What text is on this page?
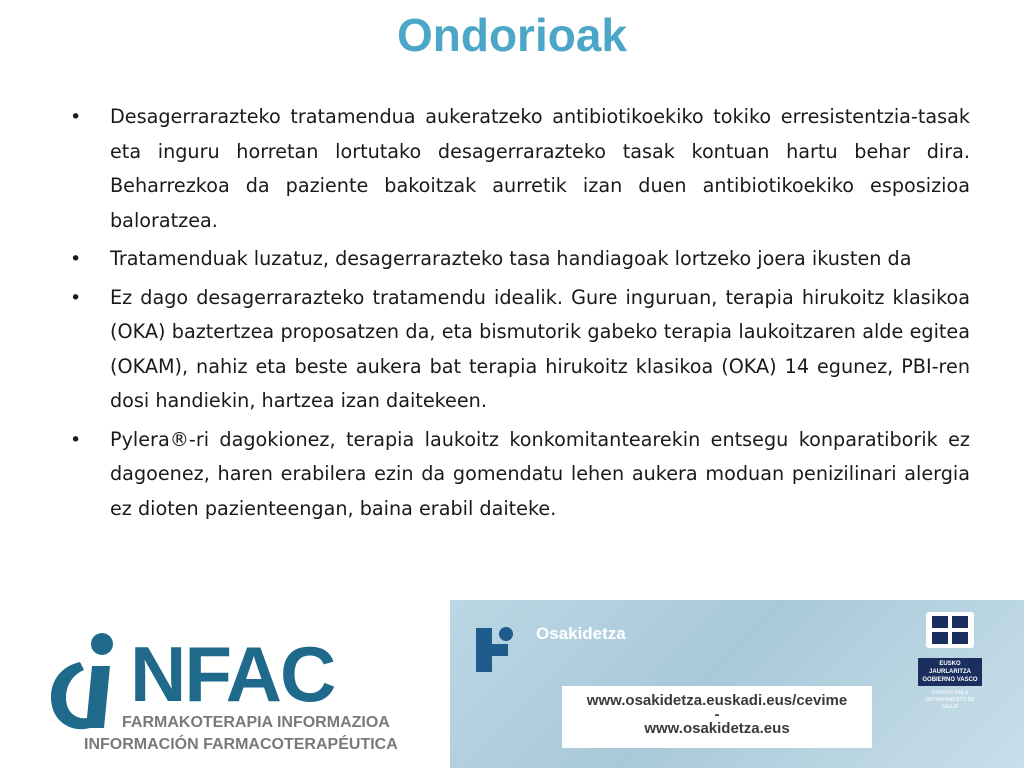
Ondorioak
• Desagerrarazteko tratamendua aukeratzeko antibiotikoekiko tokiko erresistentzia-tasak eta inguru horretan lortutako desagerrarazteko tasak kontuan hartu behar dira. Beharrezkoa da paziente bakoitzak aurretik izan duen antibiotikoekiko esposizioa baloratzea.
• Tratamenduak luzatuz, desagerrarazteko tasa handiagoak lortzeko joera ikusten da
• Ez dago desagerrarazteko tratamendu idealik. Gure inguruan, terapia hirukoitz klasikoa (OKA) baztertzea proposatzen da, eta bismutorik gabeko terapia laukoitzaren alde egitea (OKAM), nahiz eta beste aukera bat terapia hirukoitz klasikoa (OKA) 14 egunez, PBI-ren dosi handiekin, hartzea izan daitekeen.
• Pylera®-ri dagokionez, terapia laukoitz konkomitantearekin entsegu konparatiborik ez dagoenez, haren erabilera ezin da gomendatu lehen aukera moduan penizilinari alergia ez dioten pazienteengan, baina erabil daiteke.
NFAC
FARMAKOTERAPIA INFORMAZIOA
INFORMACIÓN FARMACOTERAPÉUTICA
Osakidetza
www.osakidetza.euskadi.eus/cevime
-
www.osakidetza.eus
EUSKO JAURLARITZA GOBIERNO VASCO
OSASUN SAILA DEPARTAMENTO DE SALUD
